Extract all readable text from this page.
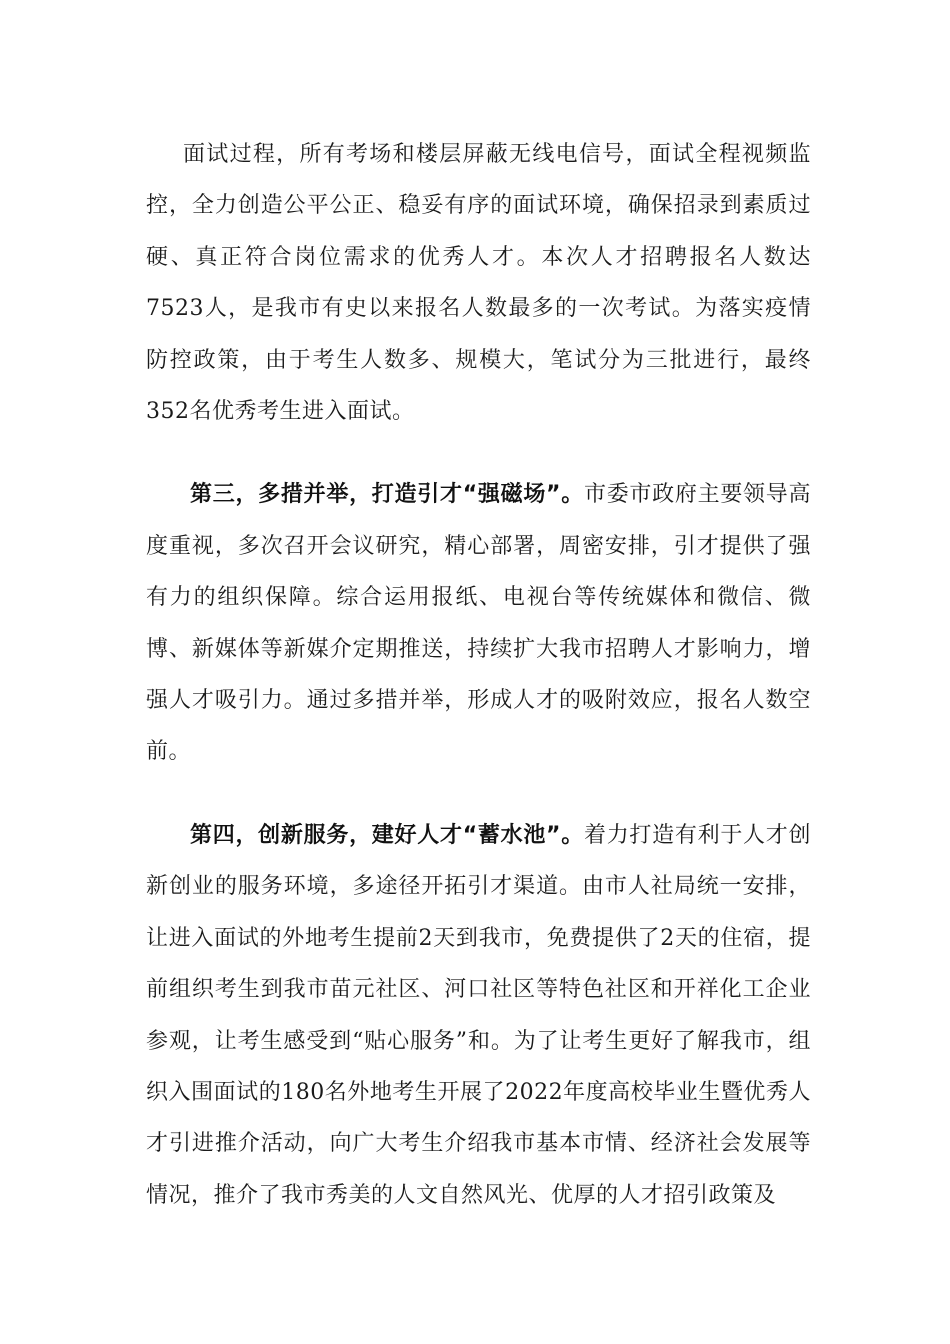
面试过程，所有考场和楼层屏蔽无线电信号，面试全程视频监控，全力创造公平公正、稳妥有序的面试环境，确保招录到素质过硬、真正符合岗位需求的优秀人才。本次人才招聘报名人数达7523人，是我市有史以来报名人数最多的一次考试。为落实疫情防控政策，由于考生人数多、规模大，笔试分为三批进行，最终352名优秀考生进入面试。

第三，多措并举，打造引才“强磁场”。市委市政府主要领导高度重视，多次召开会议研究，精心部署，周密安排，引才提供了强有力的组织保障。综合运用报纸、电视台等传统媒体和微信、微博、新媒体等新媒介定期推送，持续扩大我市招聘人才影响力，增强人才吸引力。通过多措并举，形成人才的吸附效应，报名人数空前。

第四，创新服务，建好人才“蓄水池”。着力打造有利于人才创新创业的服务环境，多途径开拓引才渠道。由市人社局统一安排，让进入面试的外地考生提前2天到我市，免费提供了2天的住宿，提前组织考生到我市苗元社区、河口社区等特色社区和开祥化工企业参观，让考生感受到“贴心服务”和。为了让考生更好了解我市，组织入围面试的180名外地考生开展了2022年度高校毕业生暨优秀人才引进推介活动，向广大考生介绍我市基本市情、经济社会发展等情况，推介了我市秀美的人文自然风光、优厚的人才招引政策及
